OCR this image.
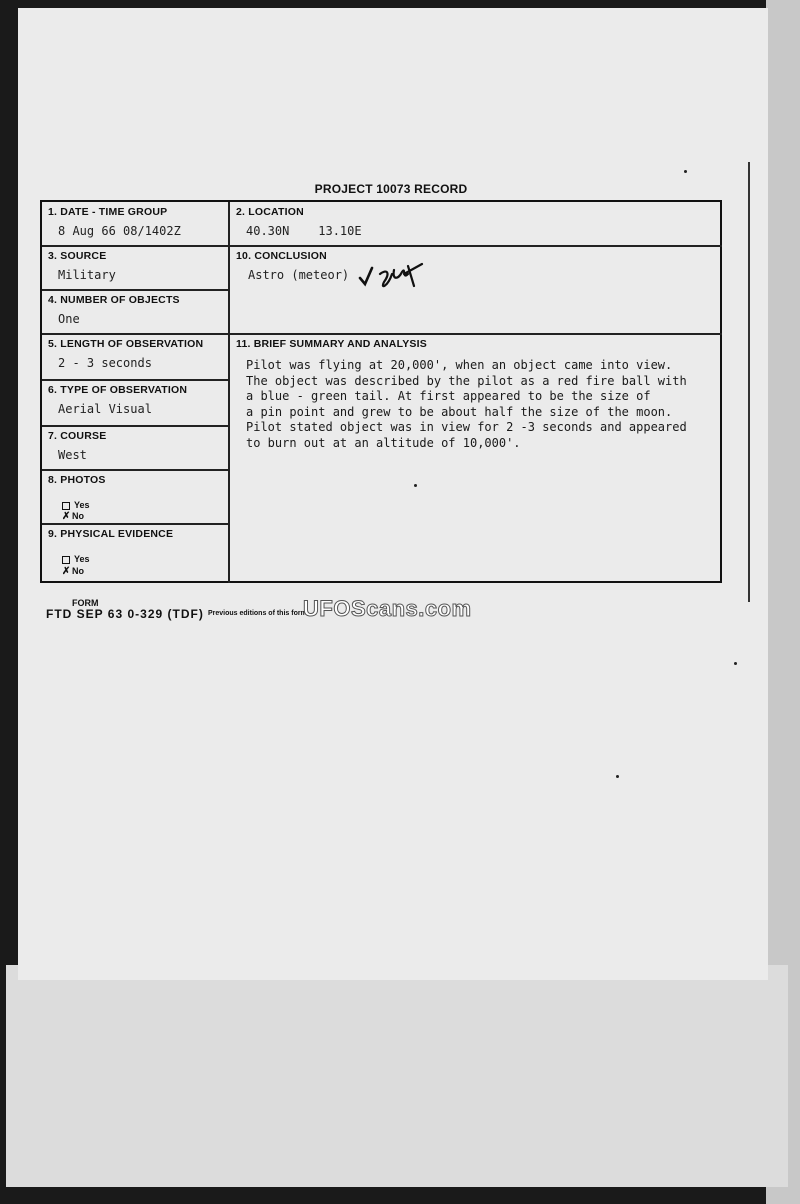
PROJECT 10073 RECORD
1. DATE - TIME GROUP
8 Aug 66 08/1402Z
2. LOCATION
40.30N    13.10E
3. SOURCE
Military
10. CONCLUSION
Astro (meteor)
4. NUMBER OF OBJECTS
One
5. LENGTH OF OBSERVATION
2 - 3 seconds
11. BRIEF SUMMARY AND ANALYSIS
6. TYPE OF OBSERVATION
Aerial Visual
7. COURSE
West
8. PHOTOS
Yes
✗ No
9. PHYSICAL EVIDENCE
Yes
✗ No
Pilot was flying at 20,000', when an object came into view.
The object was described by the pilot as a red fire ball with
a blue - green tail. At first appeared to be the size of
a pin point and grew to be about half the size of the moon.
Pilot stated object was in view for 2 -3 seconds and appeared
to burn out at an altitude of 10,000'.
FORM
FTD SEP 63 0-329 (TDF) Previous editions of this form
UFOScans.com
